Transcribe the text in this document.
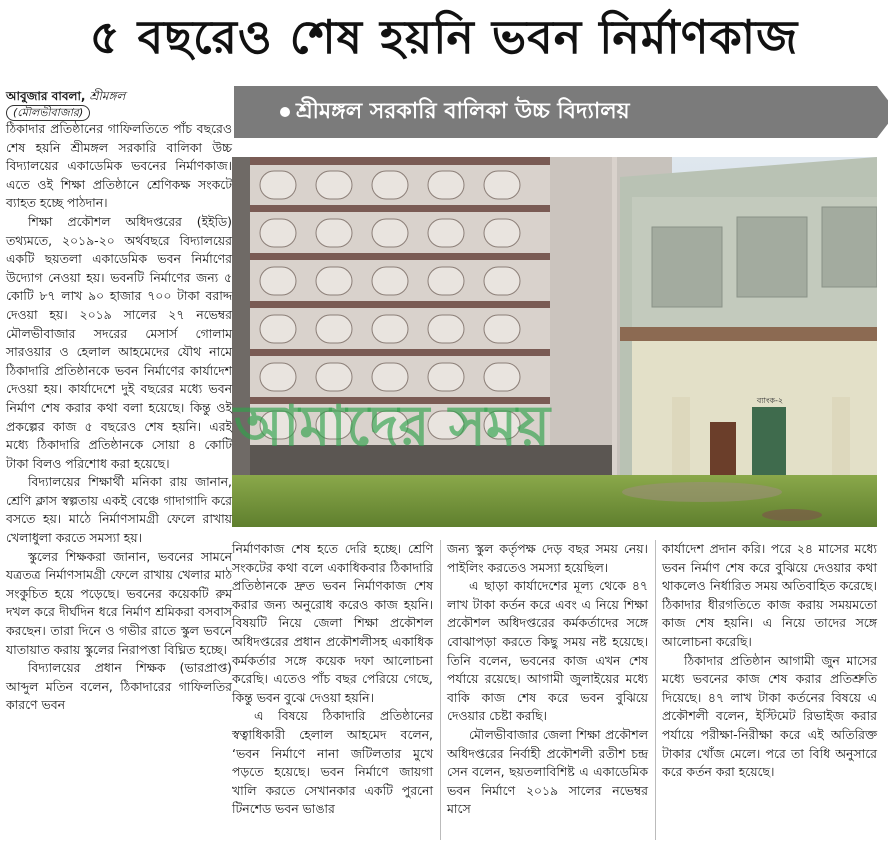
৫ বছরেও শেষ হয়নি ভবন নির্মাণকাজ
আবুজার বাবলা, শ্রীমঙ্গল
(মৌলভীবাজার)	শ্রীমঙ্গল সরকারি বালিকা উচ্চ বিদ্যালয়
আমাদের সময়	ব্যাংক-২

ঠিকাদার প্রতিষ্ঠানের গাফিলতিতে পাঁচ বছরেও শেষ হয়নি শ্রীমঙ্গল সরকারি বালিকা উচ্চ বিদ্যালয়ের একাডেমিক ভবনের নির্মাণকাজ। এতে ওই শিক্ষা প্রতিষ্ঠানে শ্রেণিকক্ষ সংকটে ব্যাহত হচ্ছে পাঠদান।

শিক্ষা প্রকৌশল অধিদপ্তরের (ইইডি) তথ্যমতে, ২০১৯-২০ অর্থবছরে বিদ্যালয়ের একটি ছয়তলা একাডেমিক ভবন নির্মাণের উদ্যোগ নেওয়া হয়। ভবনটি নির্মাণের জন্য ৫ কোটি ৮৭ লাখ ৯০ হাজার ৭০০ টাকা বরাদ্দ দেওয়া হয়। ২০১৯ সালের ২৭ নভেম্বর মৌলভীবাজার সদরের মেসার্স গোলাম সারওয়ার ও হেলাল আহমেদের যৌথ নামে ঠিকাদারি প্রতিষ্ঠানকে ভবন নির্মাণের কার্যাদেশ দেওয়া হয়। কার্যাদেশে দুই বছরের মধ্যে ভবন নির্মাণ শেষ করার কথা বলা হয়েছে। কিন্তু ওই প্রকল্পের কাজ ৫ বছরেও শেষ হয়নি। এরই মধ্যে ঠিকাদারি প্রতিষ্ঠানকে সোয়া ৪ কোটি টাকা বিলও পরিশোধ করা হয়েছে।

বিদ্যালয়ের শিক্ষার্থী মনিকা রায় জানান, শ্রেণি ক্লাস স্বল্পতায় একই বেঞ্চে গাদাগাদি করে বসতে হয়। মাঠে নির্মাণসামগ্রী ফেলে রাখায় খেলাধুলা করতে সমস্যা হয়।

স্কুলের শিক্ষকরা জানান, ভবনের সামনে যত্রতত্র নির্মাণসামগ্রী ফেলে রাখায় খেলার মাঠ সংকুচিত হয়ে পড়েছে। ভবনের কয়েকটি রুম দখল করে দীর্ঘদিন ধরে নির্মাণ শ্রমিকরা বসবাস করছেন। তারা দিনে ও গভীর রাতে স্কুল ভবনে যাতায়াত করায় স্কুলের নিরাপত্তা বিঘ্নিত হচ্ছে।

বিদ্যালয়ের প্রধান শিক্ষক (ভারপ্রাপ্ত) আব্দুল মতিন বলেন, ঠিকাদারের গাফিলতির কারণে ভবন

নির্মাণকাজ শেষ হতে দেরি হচ্ছে। শ্রেণি সংকটের কথা বলে একাধিকবার ঠিকাদারি প্রতিষ্ঠানকে দ্রুত ভবন নির্মাণকাজ শেষ করার জন্য অনুরোধ করেও কাজ হয়নি। বিষয়টি নিয়ে জেলা শিক্ষা প্রকৌশল অধিদপ্তরের প্রধান প্রকৌশলীসহ একাধিক কর্মকর্তার সঙ্গে কয়েক দফা আলোচনা করেছি। এতেও পাঁচ বছর পেরিয়ে গেছে, কিন্তু ভবন বুঝে দেওয়া হয়নি।

এ বিষয়ে ঠিকাদারি প্রতিষ্ঠানের স্বত্বাধিকারী হেলাল আহমেদ বলেন, ‘ভবন নির্মাণে নানা জটিলতার মুখে পড়তে হয়েছে। ভবন নির্মাণে জায়গা খালি করতে সেখানকার একটি পুরনো টিনশেড ভবন ভাঙার

জন্য স্কুল কর্তৃপক্ষ দেড় বছর সময় নেয়। পাইলিং করতেও সমস্যা হয়েছিল।

এ ছাড়া কার্যাদেশের মূল্য থেকে ৪৭ লাখ টাকা কর্তন করে এবং এ নিয়ে শিক্ষা প্রকৌশল অধিদপ্তরের কর্মকর্তাদের সঙ্গে বোঝাপড়া করতে কিছু সময় নষ্ট হয়েছে। তিনি বলেন, ভবনের কাজ এখন শেষ পর্যায়ে রয়েছে। আগামী জুলাইয়ের মধ্যে বাকি কাজ শেষ করে ভবন বুঝিয়ে দেওয়ার চেষ্টা করছি।

মৌলভীবাজার জেলা শিক্ষা প্রকৌশল অধিদপ্তরের নির্বাহী প্রকৌশলী রতীশ চন্দ্র সেন বলেন, ছয়তলাবিশিষ্ট এ একাডেমিক ভবন নির্মাণে ২০১৯ সালের নভেম্বর মাসে

কার্যাদেশ প্রদান করি। পরে ২৪ মাসের মধ্যে ভবন নির্মাণ শেষ করে বুঝিয়ে দেওয়ার কথা থাকলেও নির্ধারিত সময় অতিবাহিত করেছে। ঠিকাদার ধীরগতিতে কাজ করায় সময়মতো কাজ শেষ হয়নি। এ নিয়ে তাদের সঙ্গে আলোচনা করেছি।

ঠিকাদার প্রতিষ্ঠান আগামী জুন মাসের মধ্যে ভবনের কাজ শেষ করার প্রতিশ্রুতি দিয়েছে। ৪৭ লাখ টাকা কর্তনের বিষয়ে এ প্রকৌশলী বলেন, ইস্টিমেট রিভাইজ করার পর্যায়ে পরীক্ষা-নিরীক্ষা করে এই অতিরিক্ত টাকার খোঁজ মেলে। পরে তা বিধি অনুসারে করে কর্তন করা হয়েছে।
